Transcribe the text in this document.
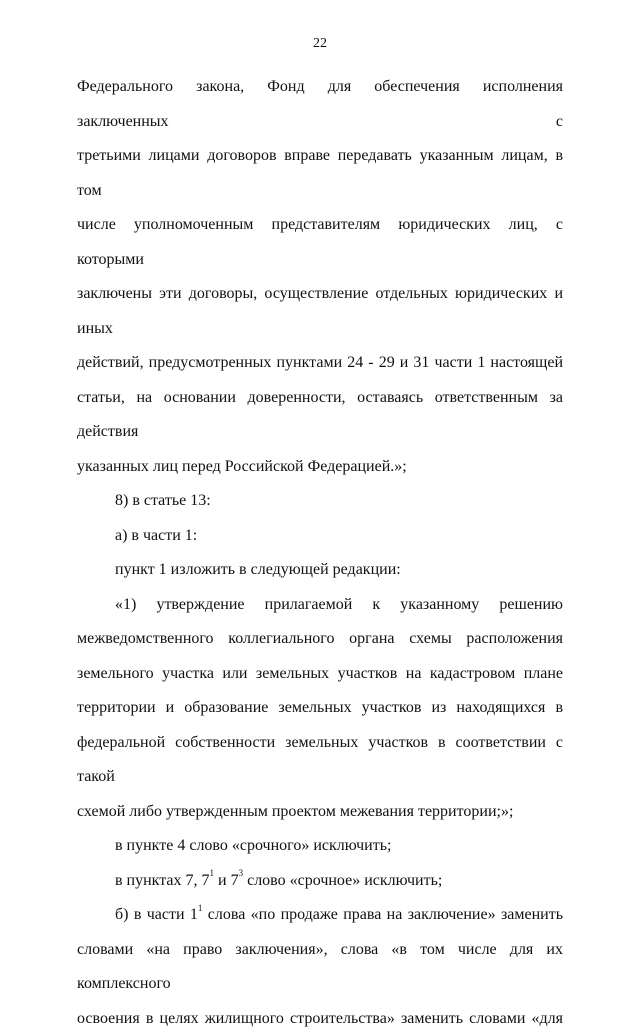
22

Федерального закона, Фонд для обеспечения исполнения заключенных с
третьими лицами договоров вправе передавать указанным лицам, в том
числе уполномоченным представителям юридических лиц, с которыми
заключены эти договоры, осуществление отдельных юридических и иных
действий, предусмотренных пунктами 24 - 29 и 31 части 1 настоящей
статьи, на основании доверенности, оставаясь ответственным за действия
указанных лиц перед Российской Федерацией.»;

8) в статье 13:

а) в части 1:

пункт 1 изложить в следующей редакции:

«1) утверждение прилагаемой к указанному решению
межведомственного коллегиального органа схемы расположения
земельного участка или земельных участков на кадастровом плане
территории и образование земельных участков из находящихся в
федеральной собственности земельных участков в соответствии с такой
схемой либо утвержденным проектом межевания территории;»;

в пункте 4 слово «срочного» исключить;

в пунктах 7, $7^1$ и $7^3$ слово «срочное» исключить;

б) в части $1^1$ слова «по продаже права на заключение» заменить
словами «на право заключения», слова «в том числе для их комплексного
освоения в целях жилищного строительства» заменить словами «для
